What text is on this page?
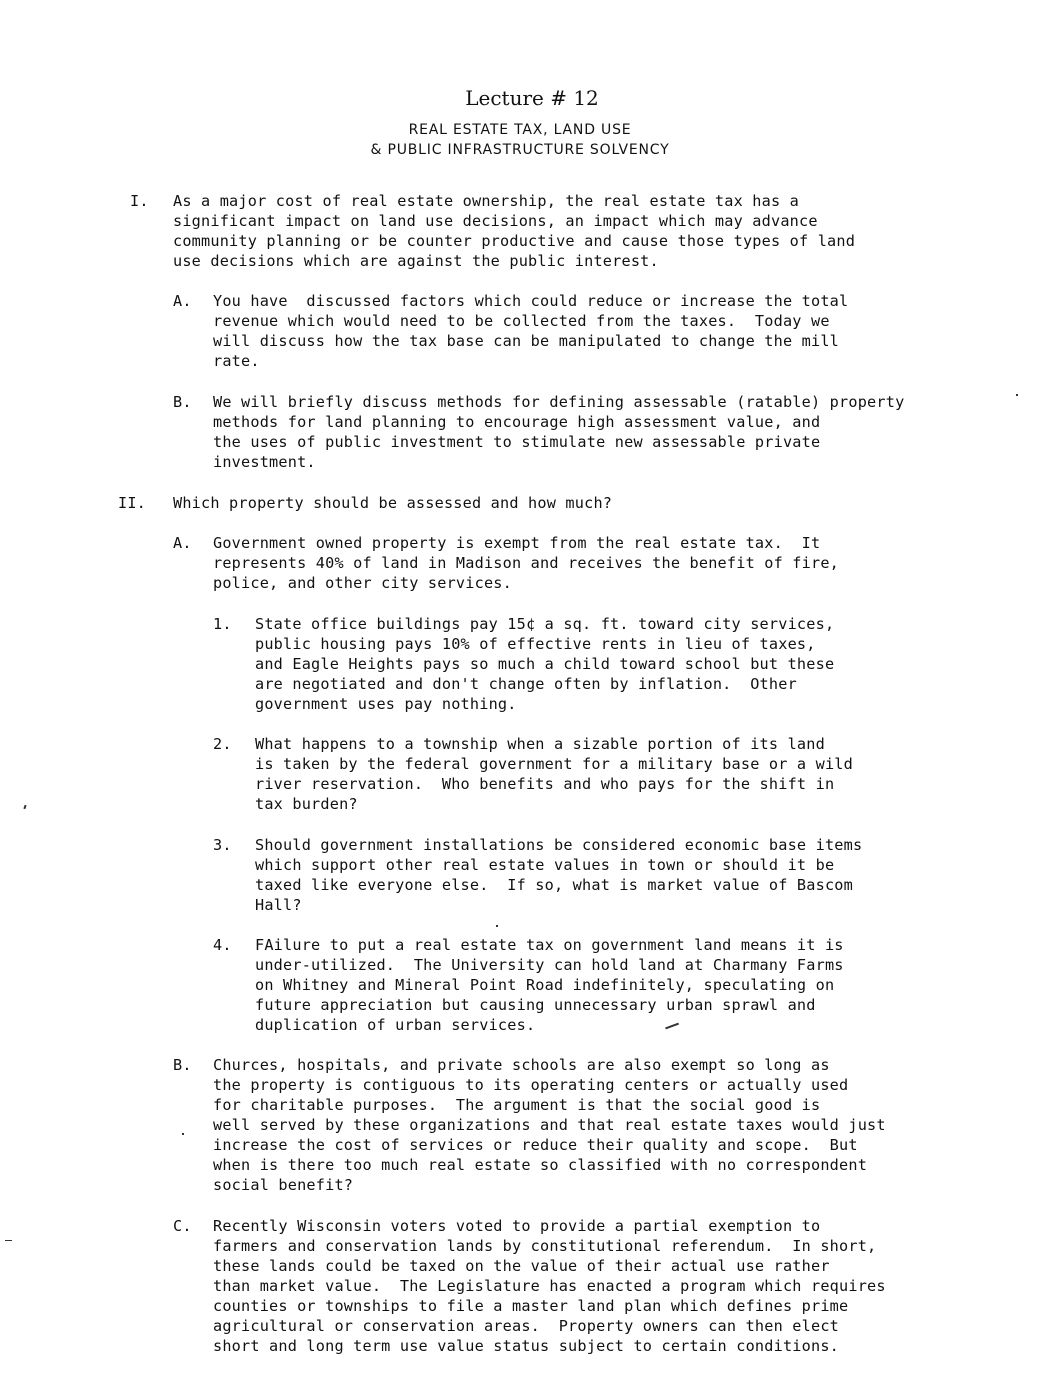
Lecture # 12
REAL ESTATE TAX, LAND USE
& PUBLIC INFRASTRUCTURE SOLVENCY
I. As a major cost of real estate ownership, the real estate tax has a
significant impact on land use decisions, an impact which may advance
community planning or be counter productive and cause those types of land
use decisions which are against the public interest.
A. You have  discussed factors which could reduce or increase the total
revenue which would need to be collected from the taxes.  Today we
will discuss how the tax base can be manipulated to change the mill
rate.
B. We will briefly discuss methods for defining assessable (ratable) property
methods for land planning to encourage high assessment value, and
the uses of public investment to stimulate new assessable private
investment.
II. Which property should be assessed and how much?
A. Government owned property is exempt from the real estate tax.  It
represents 40% of land in Madison and receives the benefit of fire,
police, and other city services.
1. State office buildings pay 15¢ a sq. ft. toward city services,
public housing pays 10% of effective rents in lieu of taxes,
and Eagle Heights pays so much a child toward school but these
are negotiated and don't change often by inflation.  Other
government uses pay nothing.
2. What happens to a township when a sizable portion of its land
is taken by the federal government for a military base or a wild
river reservation.  Who benefits and who pays for the shift in
tax burden?
3. Should government installations be considered economic base items
which support other real estate values in town or should it be
taxed like everyone else.  If so, what is market value of Bascom
Hall?
4. FAilure to put a real estate tax on government land means it is
under-utilized.  The University can hold land at Charmany Farms
on Whitney and Mineral Point Road indefinitely, speculating on
future appreciation but causing unnecessary urban sprawl and
duplication of urban services.
B. Churces, hospitals, and private schools are also exempt so long as
the property is contiguous to its operating centers or actually used
for charitable purposes.  The argument is that the social good is
well served by these organizations and that real estate taxes would just
increase the cost of services or reduce their quality and scope.  But
when is there too much real estate so classified with no correspondent
social benefit?
C. Recently Wisconsin voters voted to provide a partial exemption to
farmers and conservation lands by constitutional referendum.  In short,
these lands could be taxed on the value of their actual use rather
than market value.  The Legislature has enacted a program which requires
counties or townships to file a master land plan which defines prime
agricultural or conservation areas.  Property owners can then elect
short and long term use value status subject to certain conditions.
